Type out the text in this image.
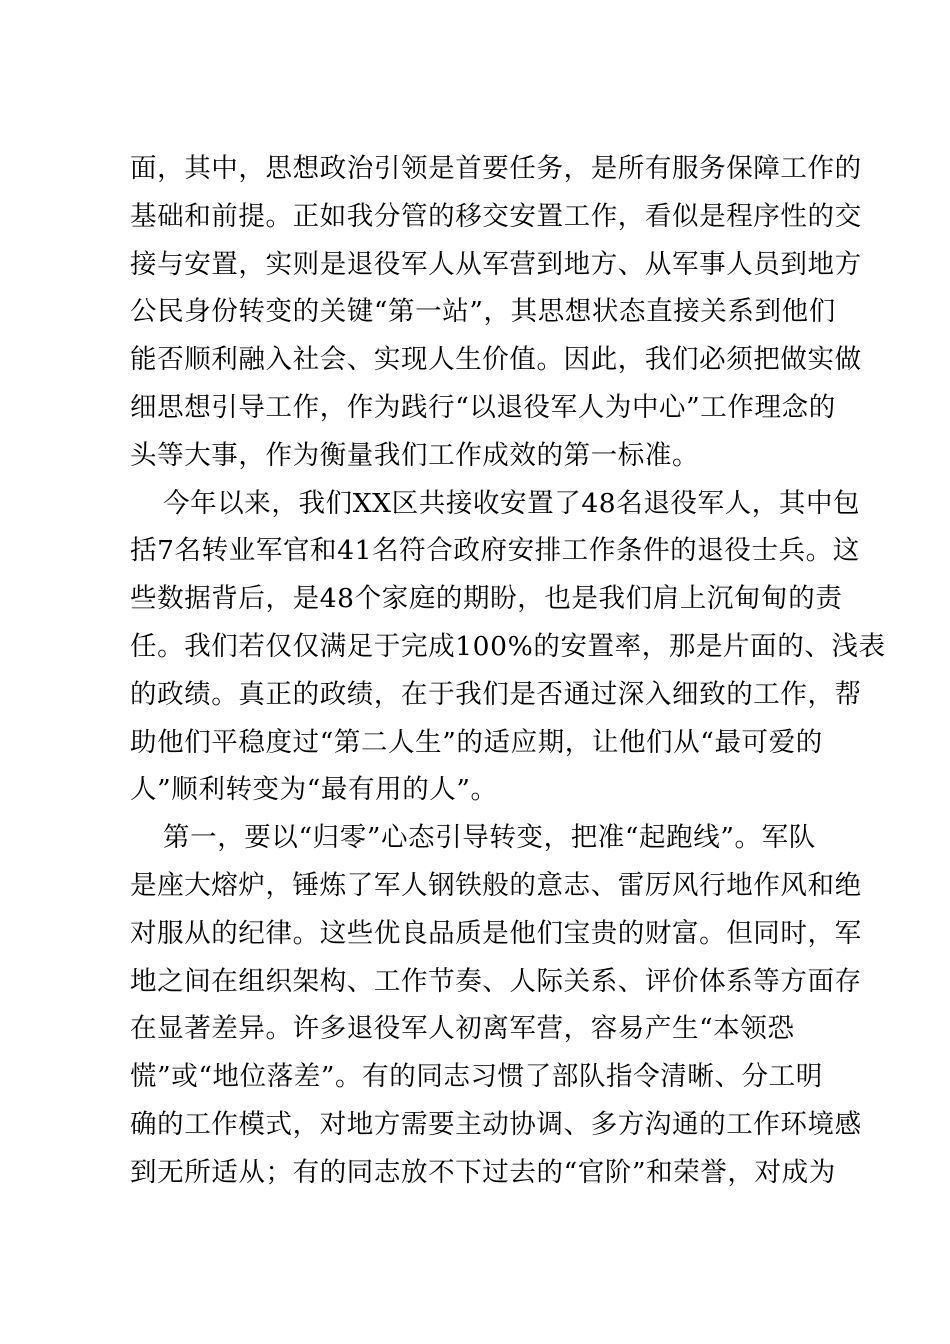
面，其中，思想政治引领是首要任务，是所有服务保障工作的
基础和前提。正如我分管的移交安置工作，看似是程序性的交
接与安置，实则是退役军人从军营到地方、从军事人员到地方
公民身份转变的关键“第一站”，其思想状态直接关系到他们
能否顺利融入社会、实现人生价值。因此，我们必须把做实做
细思想引导工作，作为践行“以退役军人为中心”工作理念的
头等大事，作为衡量我们工作成效的第一标准。
今年以来，我们XX区共接收安置了48名退役军人，其中包
括7名转业军官和41名符合政府安排工作条件的退役士兵。这
些数据背后，是48个家庭的期盼，也是我们肩上沉甸甸的责
任。我们若仅仅满足于完成100%的安置率，那是片面的、浅表
的政绩。真正的政绩，在于我们是否通过深入细致的工作，帮
助他们平稳度过“第二人生”的适应期，让他们从“最可爱的
人”顺利转变为“最有用的人”。
第一，要以“归零”心态引导转变，把准“起跑线”。军队
是座大熔炉，锤炼了军人钢铁般的意志、雷厉风行地作风和绝
对服从的纪律。这些优良品质是他们宝贵的财富。但同时，军
地之间在组织架构、工作节奏、人际关系、评价体系等方面存
在显著差异。许多退役军人初离军营，容易产生“本领恐
慌”或“地位落差”。有的同志习惯了部队指令清晰、分工明
确的工作模式，对地方需要主动协调、多方沟通的工作环境感
到无所适从；有的同志放不下过去的“官阶”和荣誉，对成为
